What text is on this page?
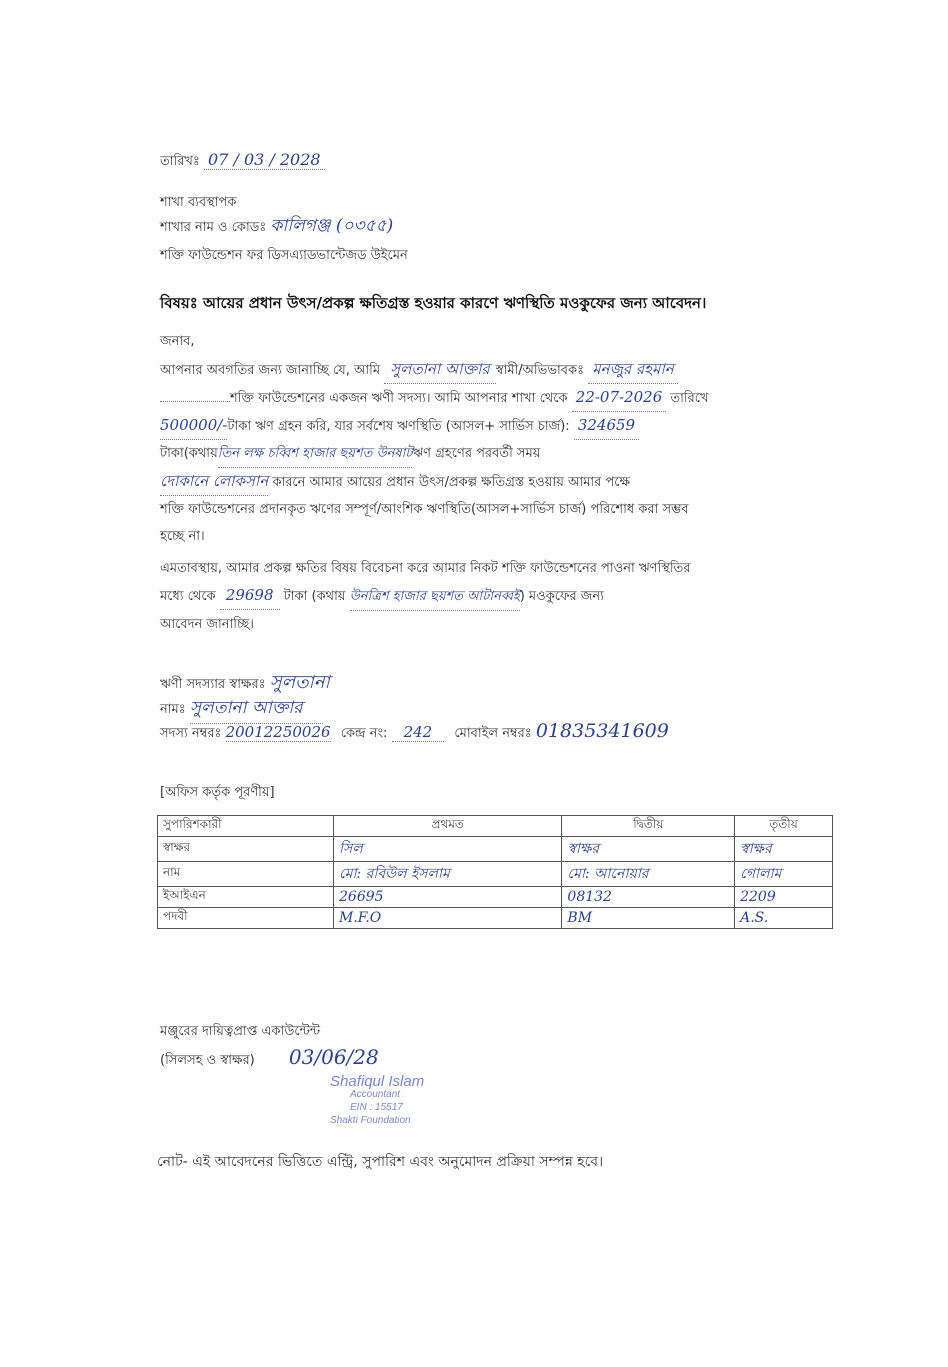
তারিখঃ 07 / 03 / 2028
শাখা ব্যবস্থাপক
শাখার নাম ও কোডঃ কালিগঞ্জ (০৩৫৫)
শক্তি ফাউন্ডেশন ফর ডিসএ্যাডভান্টেজড উইমেন
বিষয়ঃ আয়ের প্রধান উৎস/প্রকল্প ক্ষতিগ্রস্ত হওয়ার কারণে ঋণস্থিতি মওকুফের জন্য আবেদন।
জনাব,
আপনার অবগতির জন্য জানাচ্ছি যে, আমি সুলতানা আক্তার স্বামী/অভিভাবকঃ মনজুর রহমান
শক্তি ফাউন্ডেশনের একজন ঋণী সদস্য। আমি আপনার শাখা থেকে 22-07-2026 তারিখে
500000/-টাকা ঋণ গ্রহন করি, যার সর্বশেষ ঋণস্থিতি (আসল+ সার্ভিস চার্জ): 324659
টাকা(কথায়তিন লক্ষ চব্বিশ হাজার ছয়শত উনষাটঋণ গ্রহণের পরবর্তী সময়
দোকানে লোকসান কারনে আমার আয়ের প্রধান উৎস/প্রকল্প ক্ষতিগ্রস্ত হওয়ায় আমার পক্ষে
শক্তি ফাউন্ডেশনের প্রদানকৃত ঋণের সম্পূর্ণ/আংশিক ঋণস্থিতি(আসল+সার্ভিস চার্জ) পরিশোধ করা সম্ভব
হচ্ছে না।
এমতাবস্থায়, আমার প্রকল্প ক্ষতির বিষয় বিবেচনা করে আমার নিকট শক্তি ফাউন্ডেশনের পাওনা ঋণস্থিতির
মধ্যে থেকে 29698 টাকা (কথায় উনত্রিশ হাজার ছয়শত আটানব্বই) মওকুফের জন্য
আবেদন জানাচ্ছি।
ঋণী সদস্যার স্বাক্ষরঃ সুলতানা
নামঃ সুলতানা আক্তার
সদস্য নম্বরঃ 20012250026 কেন্দ্র নং: 242 মোবাইল নম্বরঃ 01835341609
[অফিস কর্তৃক পূরণীয়]
সুপারিশকারী	প্রথমত	দ্বিতীয়	তৃতীয়
স্বাক্ষর	সিল	স্বাক্ষর	স্বাক্ষর
নাম	মো: রবিউল ইসলাম	মো: আনোয়ার	গোলাম
ইআইএন	26695	08132	2209
পদবী	M.F.O	BM	A.S.
মঞ্জুরের দায়িত্বপ্রাপ্ত একাউন্টেন্ট
(সিলসহ ও স্বাক্ষর) 03/06/28
Shafiqul Islam
Accountant
EIN : 15517
Shakti Foundation
নোট- এই আবেদনের ভিত্তিতে এন্ট্রি, সুপারিশ এবং অনুমোদন প্রক্রিয়া সম্পন্ন হবে।
